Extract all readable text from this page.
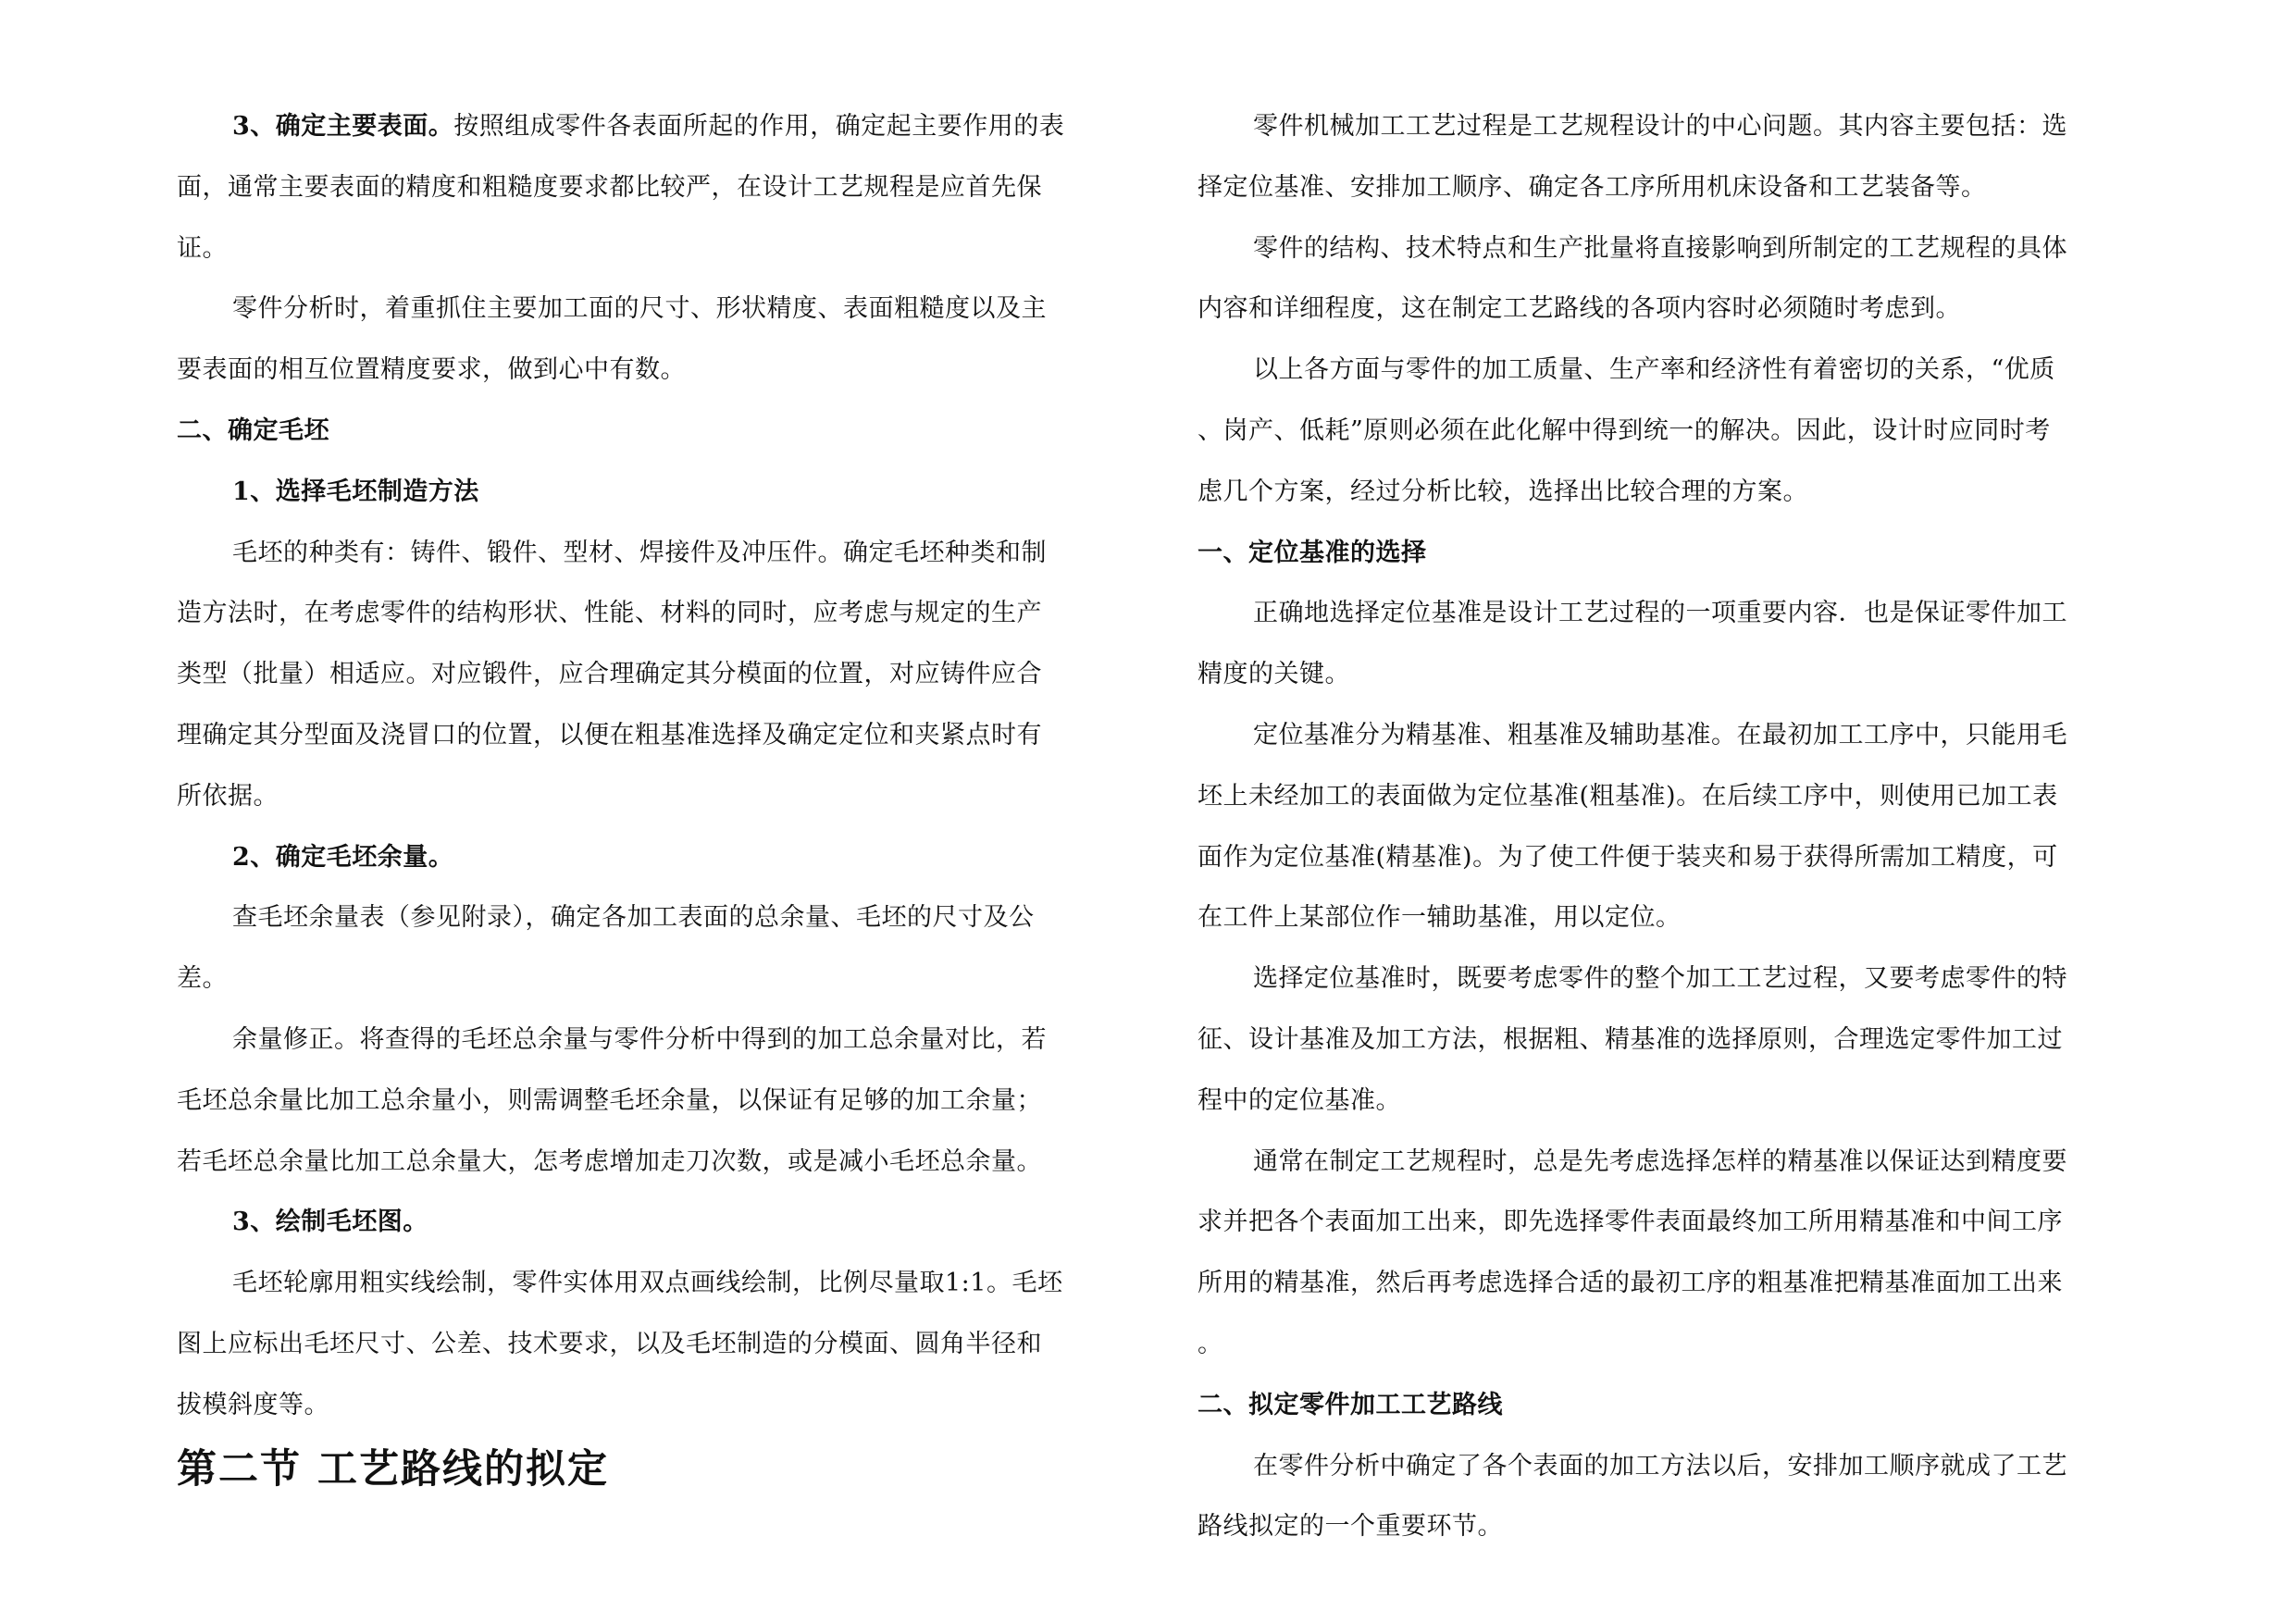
3、确定主要表面。按照组成零件各表面所起的作用，确定起主要作用的表
面，通常主要表面的精度和粗糙度要求都比较严，在设计工艺规程是应首先保
证。
零件分析时，着重抓住主要加工面的尺寸、形状精度、表面粗糙度以及主
要表面的相互位置精度要求，做到心中有数。
二、确定毛坯
1、选择毛坯制造方法
毛坯的种类有：铸件、锻件、型材、焊接件及冲压件。确定毛坯种类和制
造方法时，在考虑零件的结构形状、性能、材料的同时，应考虑与规定的生产
类型（批量）相适应。对应锻件，应合理确定其分模面的位置，对应铸件应合
理确定其分型面及浇冒口的位置，以便在粗基准选择及确定定位和夹紧点时有
所依据。
2、确定毛坯余量。
查毛坯余量表（参见附录），确定各加工表面的总余量、毛坯的尺寸及公
差。
余量修正。将查得的毛坯总余量与零件分析中得到的加工总余量对比，若
毛坯总余量比加工总余量小，则需调整毛坯余量，以保证有足够的加工余量；
若毛坯总余量比加工总余量大，怎考虑增加走刀次数，或是减小毛坯总余量。
3、绘制毛坯图。
毛坯轮廓用粗实线绘制，零件实体用双点画线绘制，比例尽量取1:1。毛坯
图上应标出毛坯尺寸、公差、技术要求，以及毛坯制造的分模面、圆角半径和
拔模斜度等。
第二节 工艺路线的拟定
零件机械加工工艺过程是工艺规程设计的中心问题。其内容主要包括：选
择定位基准、安排加工顺序、确定各工序所用机床设备和工艺装备等。
零件的结构、技术特点和生产批量将直接影响到所制定的工艺规程的具体
内容和详细程度，这在制定工艺路线的各项内容时必须随时考虑到。
以上各方面与零件的加工质量、生产率和经济性有着密切的关系，“优质
、岗产、低耗”原则必须在此化解中得到统一的解决。因此，设计时应同时考
虑几个方案，经过分析比较，选择出比较合理的方案。
一、定位基准的选择
正确地选择定位基准是设计工艺过程的一项重要内容．也是保证零件加工
精度的关键。
定位基准分为精基准、粗基准及辅助基准。在最初加工工序中，只能用毛
坯上未经加工的表面做为定位基准(粗基准)。在后续工序中，则使用已加工表
面作为定位基准(精基准)。为了使工件便于装夹和易于获得所需加工精度，可
在工件上某部位作一辅助基准，用以定位。
选择定位基准时，既要考虑零件的整个加工工艺过程，又要考虑零件的特
征、设计基准及加工方法，根据粗、精基准的选择原则，合理选定零件加工过
程中的定位基准。
通常在制定工艺规程时，总是先考虑选择怎样的精基准以保证达到精度要
求并把各个表面加工出来，即先选择零件表面最终加工所用精基准和中间工序
所用的精基准，然后再考虑选择合适的最初工序的粗基准把精基准面加工出来
。
二、拟定零件加工工艺路线
在零件分析中确定了各个表面的加工方法以后，安排加工顺序就成了工艺
路线拟定的一个重要环节。
